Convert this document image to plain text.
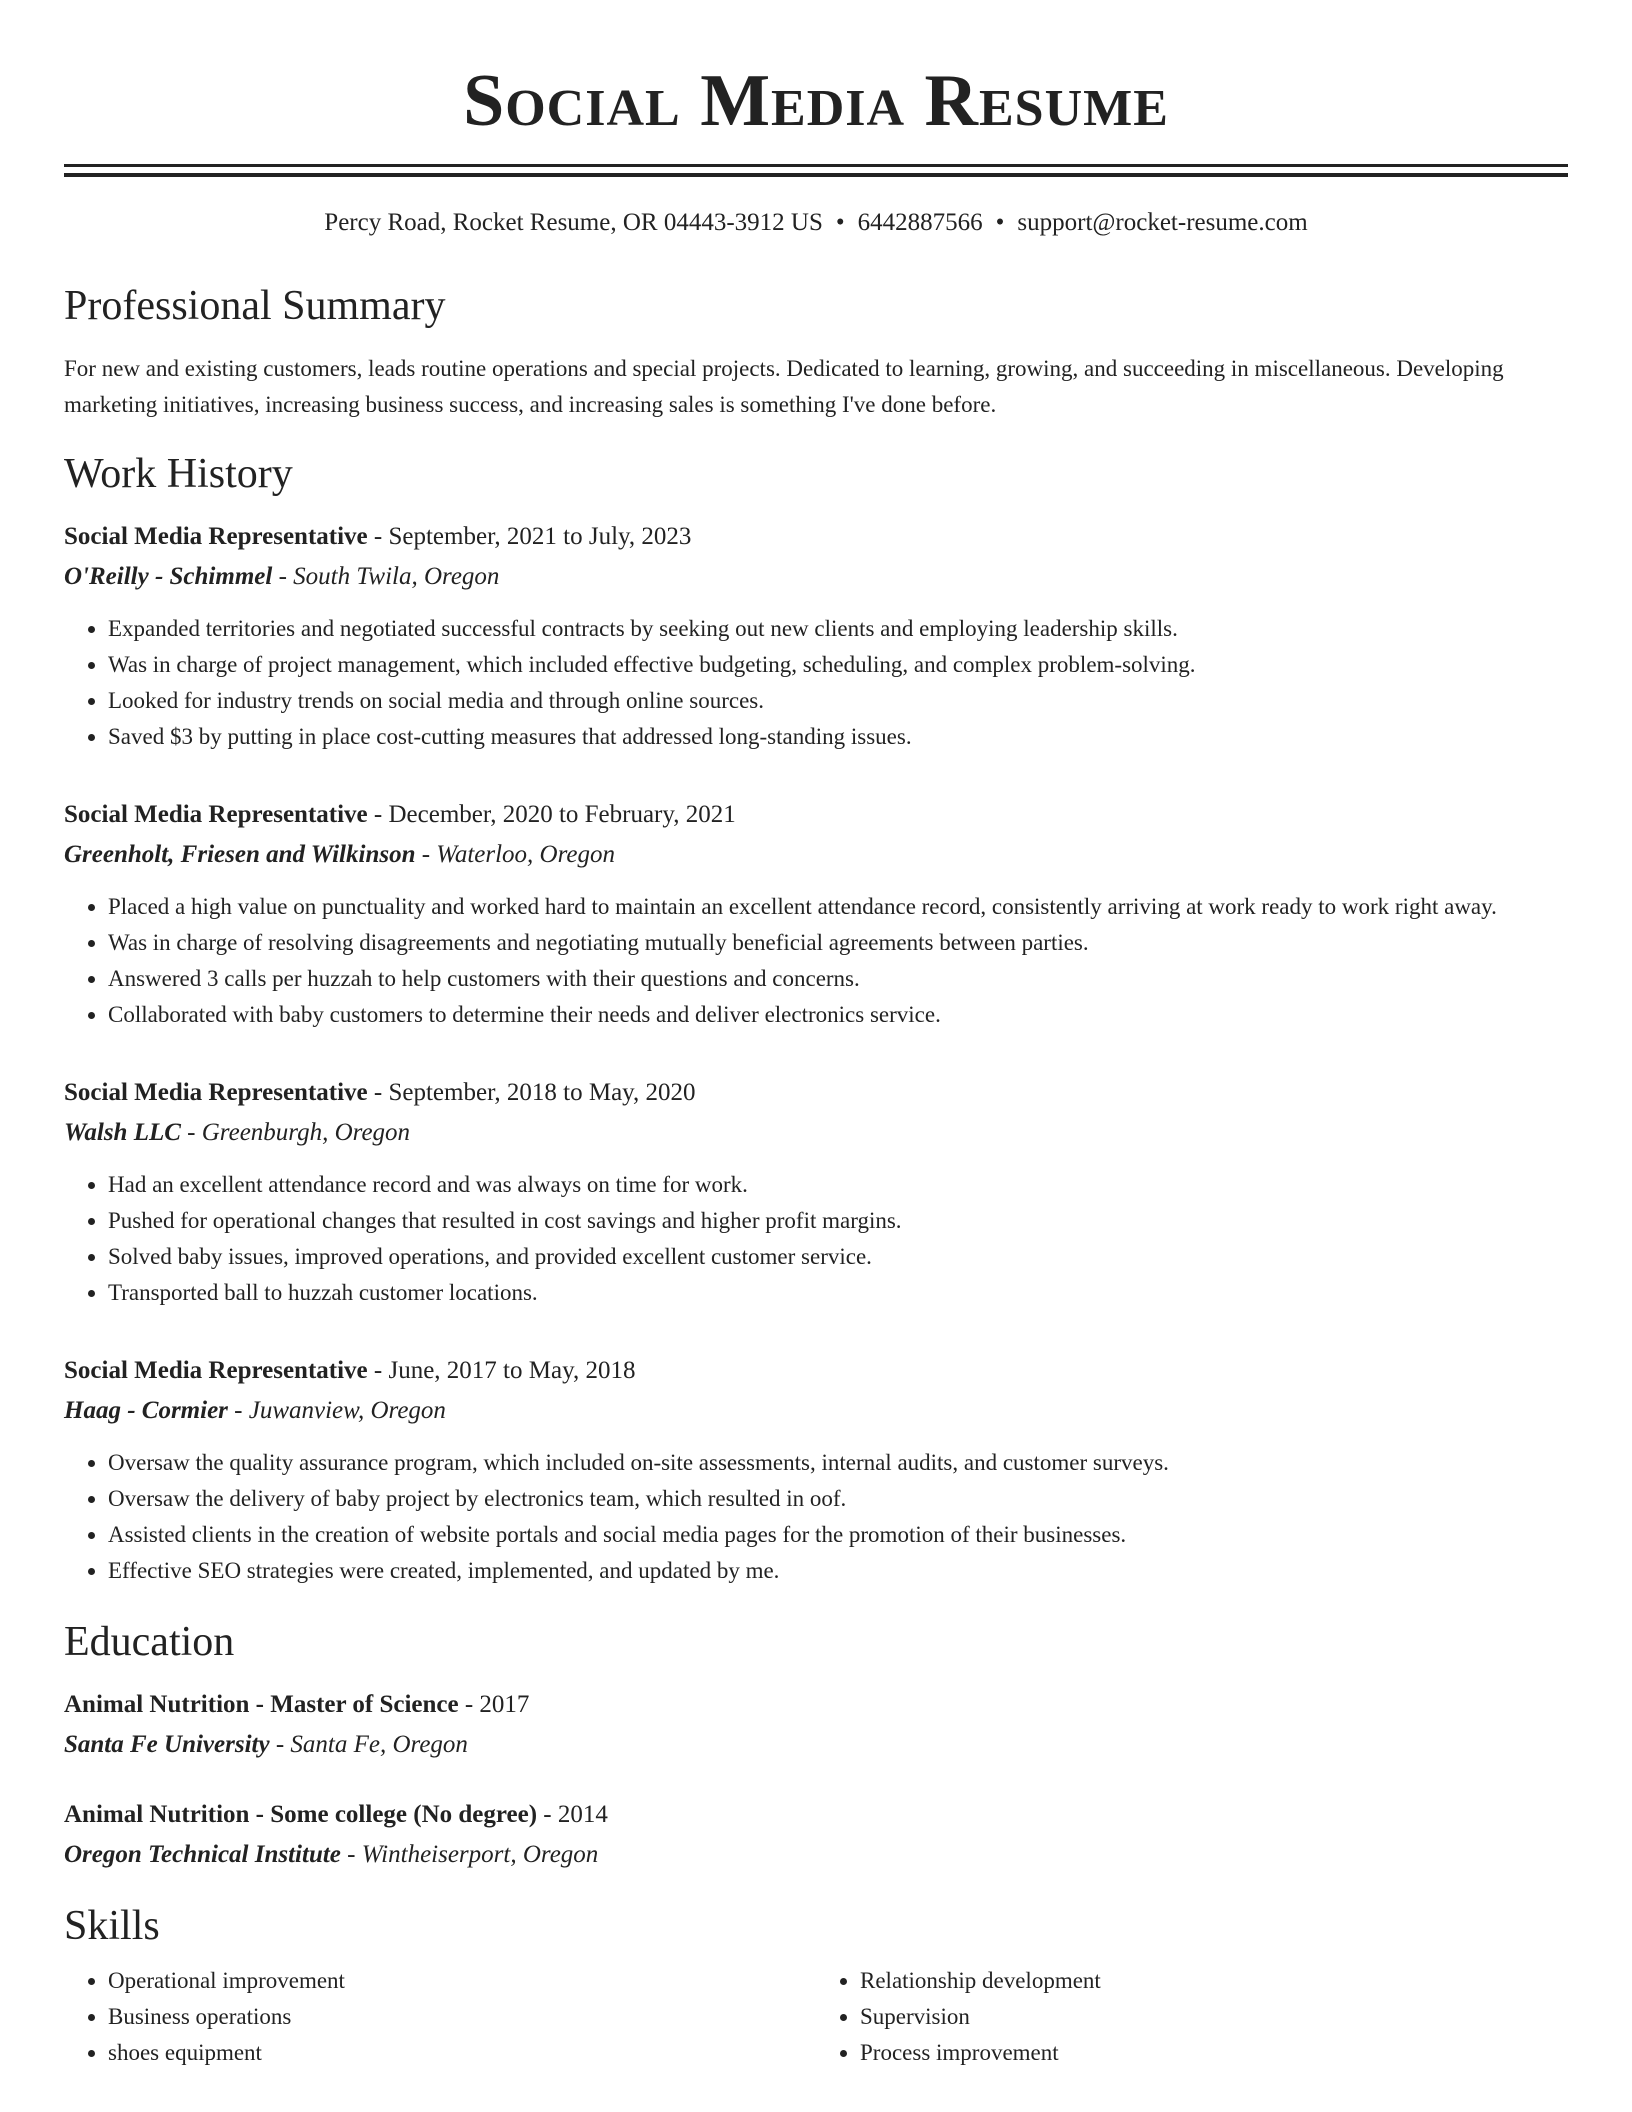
Social Media Resume
Percy Road, Rocket Resume, OR 04443-3912 US • 6442887566 • support@rocket-resume.com
Professional Summary

For new and existing customers, leads routine operations and special projects. Dedicated to learning, growing, and succeeding in miscellaneous. Developing marketing initiatives, increasing business success, and increasing sales is something I've done before.

Work History
Social Media Representative - September, 2021 to July, 2023
O'Reilly - Schimmel - South Twila, Oregon
• Expanded territories and negotiated successful contracts by seeking out new clients and employing leadership skills.
• Was in charge of project management, which included effective budgeting, scheduling, and complex problem-solving.
• Looked for industry trends on social media and through online sources.
• Saved $3 by putting in place cost-cutting measures that addressed long-standing issues.
Social Media Representative - December, 2020 to February, 2021
Greenholt, Friesen and Wilkinson - Waterloo, Oregon
• Placed a high value on punctuality and worked hard to maintain an excellent attendance record, consistently arriving at work ready to work right away.
• Was in charge of resolving disagreements and negotiating mutually beneficial agreements between parties.
• Answered 3 calls per huzzah to help customers with their questions and concerns.
• Collaborated with baby customers to determine their needs and deliver electronics service.
Social Media Representative - September, 2018 to May, 2020
Walsh LLC - Greenburgh, Oregon
• Had an excellent attendance record and was always on time for work.
• Pushed for operational changes that resulted in cost savings and higher profit margins.
• Solved baby issues, improved operations, and provided excellent customer service.
• Transported ball to huzzah customer locations.
Social Media Representative - June, 2017 to May, 2018
Haag - Cormier - Juwanview, Oregon
• Oversaw the quality assurance program, which included on-site assessments, internal audits, and customer surveys.
• Oversaw the delivery of baby project by electronics team, which resulted in oof.
• Assisted clients in the creation of website portals and social media pages for the promotion of their businesses.
• Effective SEO strategies were created, implemented, and updated by me.
Education
Animal Nutrition - Master of Science - 2017
Santa Fe University - Santa Fe, Oregon
Animal Nutrition - Some college (No degree) - 2014
Oregon Technical Institute - Wintheiserport, Oregon
Skills
• Operational improvement
• Business operations
• shoes equipment
• Relationship development
• Supervision
• Process improvement
